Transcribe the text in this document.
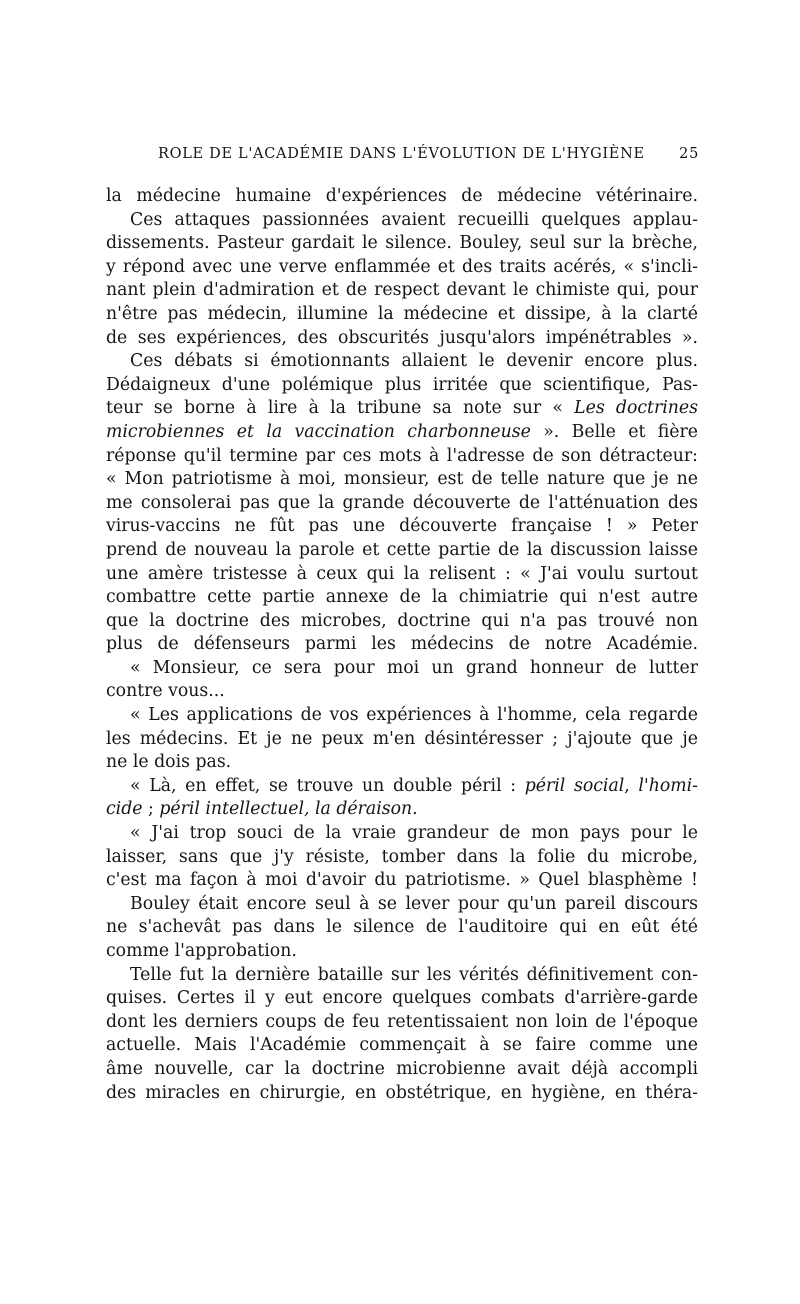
ROLE DE L'ACADÉMIE DANS L'ÉVOLUTION DE L'HYGIÈNE 25
la médecine humaine d'expériences de médecine vétérinaire.
Ces attaques passionnées avaient recueilli quelques applau-
dissements. Pasteur gardait le silence. Bouley, seul sur la brèche,
y répond avec une verve enflammée et des traits acérés, « s'incli-
nant plein d'admiration et de respect devant le chimiste qui, pour
n'être pas médecin, illumine la médecine et dissipe, à la clarté
de ses expériences, des obscurités jusqu'alors impénétrables ».
Ces débats si émotionnants allaient le devenir encore plus.
Dédaigneux d'une polémique plus irritée que scientifique, Pas-
teur se borne à lire à la tribune sa note sur « Les doctrines
microbiennes et la vaccination charbonneuse ». Belle et fière
réponse qu'il termine par ces mots à l'adresse de son détracteur:
« Mon patriotisme à moi, monsieur, est de telle nature que je ne
me consolerai pas que la grande découverte de l'atténuation des
virus-vaccins ne fût pas une découverte française ! » Peter
prend de nouveau la parole et cette partie de la discussion laisse
une amère tristesse à ceux qui la relisent : « J'ai voulu surtout
combattre cette partie annexe de la chimiatrie qui n'est autre
que la doctrine des microbes, doctrine qui n'a pas trouvé non
plus de défenseurs parmi les médecins de notre Académie.
« Monsieur, ce sera pour moi un grand honneur de lutter
contre vous...
« Les applications de vos expériences à l'homme, cela regarde
les médecins. Et je ne peux m'en désintéresser ; j'ajoute que je
ne le dois pas.
« Là, en effet, se trouve un double péril : péril social, l'homi-
cide ; péril intellectuel, la déraison.
« J'ai trop souci de la vraie grandeur de mon pays pour le
laisser, sans que j'y résiste, tomber dans la folie du microbe,
c'est ma façon à moi d'avoir du patriotisme. » Quel blasphème !
Bouley était encore seul à se lever pour qu'un pareil discours
ne s'achevât pas dans le silence de l'auditoire qui en eût été
comme l'approbation.
Telle fut la dernière bataille sur les vérités définitivement con-
quises. Certes il y eut encore quelques combats d'arrière-garde
dont les derniers coups de feu retentissaient non loin de l'époque
actuelle. Mais l'Académie commençait à se faire comme une
âme nouvelle, car la doctrine microbienne avait déjà accompli
des miracles en chirurgie, en obstétrique, en hygiène, en théra-
